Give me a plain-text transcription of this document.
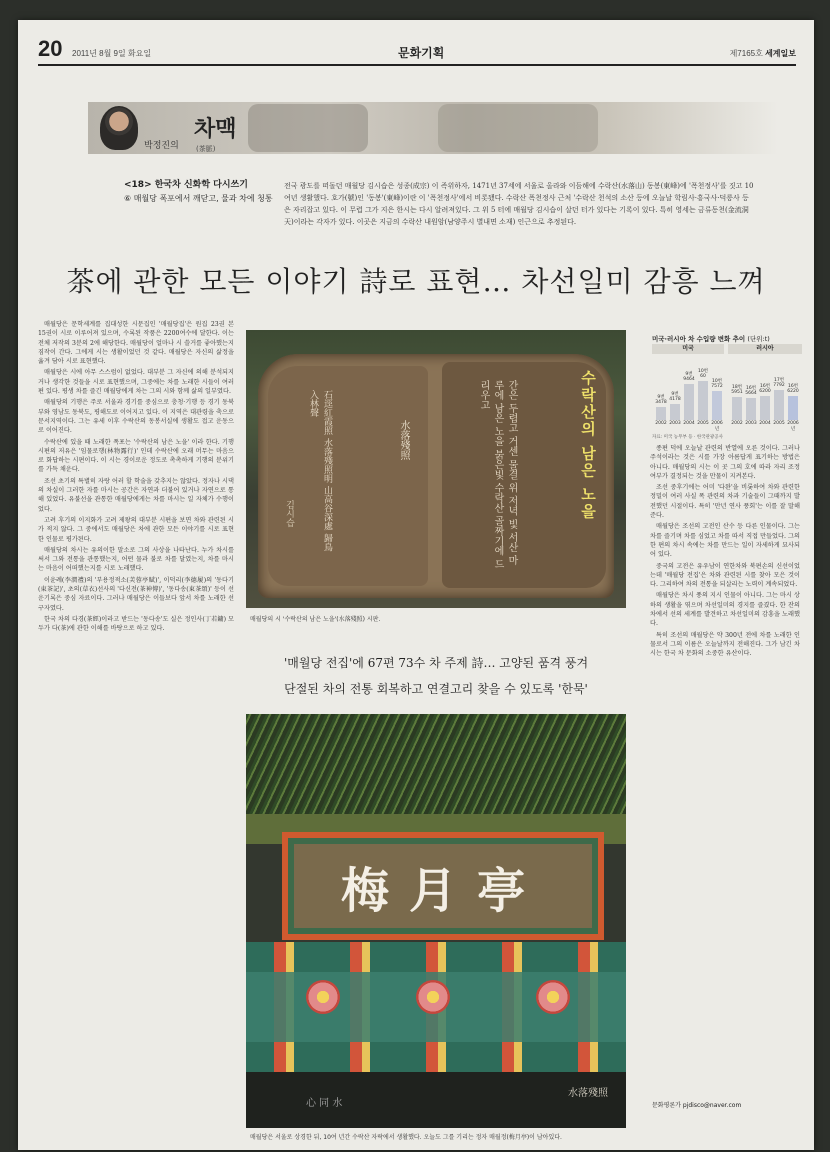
20 2011년 8월 9일 화요일	문화기획	제7165호 세계일보
박정진의
차맥
(茶脈)
<18> 한국차 신화학 다시쓰기
⑥ 매월당 폭포에서 깨닫고, 물과 차에 청통

전국 광도를 떠돌던 매월당 김시습은 성종(成宗) 이 즉위하자, 1471년 37세에 서울로 올라와 이듬해에 수락산(水落山) 동봉(東峰)에 '폭천정사'를 짓고 10여년 생활했다. 호가(號)인 '동봉'(東峰)이란 이 '폭천정사'에서 비롯됐다. 수락산 폭천정사 근처 '수락산 천석의 소산 등에 오늘날 학림사·흥국사·덕릉사 등은 자리잡고 있다. 이 무렵 그가 지은 한시는 다시 알려져있다. 그 위 5 터에 매월당 김시습이 살던 터가 있다는 기록이 있다. 특히 영세는 금류동천(金流洞天)이라는 각자가 있다. 이곳은 지금의 수락산 내원암(남양주시 별내면 소재) 인근으로 추정된다.

茶에 관한 모든 이야기 詩로 표현… 차선일미 감흥 느껴

매월당은 문학세계를 집대성한 시문집인 '매월당집'은 원집 23권 본 15권이 시로 이루어져 있으며, 수록된 작품은 2200여수에 달한다. 이는 전체 저작의 3분의 2에 해당한다. 매월당이 얼마나 시 쓸거를 좋아했는지 짐작이 간다. 그에게 시는 생활이었던 것 같다. 매월당은 자신의 삶정을 옮겨 담아 시로 표현했다.

매월당은 시에 아무 스스럼이 없었다. 대부분 그 자신에 의해 분석되지거나 생각한 것들을 시로 표현했으며, 그중에는 차를 노래한 시들이 여러 편 있다. 평생 차를 즐긴 매월당에게 차는 그의 시와 함께 삶의 일부였다.

매월당의 기행은 주로 서울과 경기를 중심으로 충청·기행 등 경기 동북부와 영남도 동북도, 평해도로 이어지고 있다. 이 지역은 대관령을 축으로 문서지역이다. 그는 유세 이후 수락산의 동봉서실에 생활도 접고 운동으로 이어진다.

수락산에 있을 때 노래한 폭포는 '수락산의 남은 노을' 이라 한다. 기행 시편의 저유은 '임물로행(林物露行)' 인데 수락산에 오래 머무는 마음으로 화답하는 시편이다. 이 시는 경이로운 정도로 촉촉하게 기행의 분위기를 가득 채운다.

조선 초기의 특별히 자랑 어러 할 학술을 갖추지는 않았다. 정자나 시댁의 차실이 그러한 자를 마시는 공간은 자연과 더불어 있거나 자연으로 통해 있었다. 유불선을 관통한 매월당에게는 차를 마시는 일 자체가 수행이었다.

고려 후기의 이지화가 고려 제왕의 대부분 시편을 보면 차와 관련된 시가 적지 않다. 그 중에서도 매월당은 차에 관한 모든 이야기를 시로 표현한 인물로 평가된다.

매월당의 차시는 유의이한 말소로 그의 사상을 나타난다. 누가 차시를 써서 그와 전통을 관통했는지, 어떤 물과 불로 차를 달였는지, 차를 마시는 마음이 어떠했는지를 시로 노래했다.

이윤례(李潤禮)의 '부용정적소(芙蓉亭賦)', 이덕리(李德履)의 '동다기(東茶記)', 초의(草衣)선사의 '다신전(茶神傳)', '동다송(東茶頌)' 등이 선운기록은 중심 자료이다. 그러나 매월당은 이들보다 앞서 차를 노래한 선구자였다.

한국 차의 다경(茶經)이라고 받드는 '동다송'도 실은 정인사(丁若鏞) 모두가 다(茶)에 관한 이해를 바탕으로 하고 있다.

수락산의 남은 노을
간은 두렵고 거센 물결 위 저녁 빛 서산 마루에 남은 노을 붉은빛 수락산 골짜기에 드리우고
石逕紅霞照 水落殘照明 山高谷深處 歸鳥入林聲
水落殘照
김시습
매월당의 시 '수락산의 남은 노을'(水落殘照) 시판.
'매월당 전집'에 67편 73수 차 주제 詩… 고양된 품격 풍겨
단절된 차의 전통 회복하고 연결고리 찾을 수 있도록 '한묵'
梅月亭
水落殘照
心 同 水
매월당은 서울로 상경한 뒤, 10여 년간 수락산 자락에서 생활했다. 오늘도 그를 기리는 정자 매월정(梅月亭)이 남아있다.
미국·러시아 차 수입량 변화 추이 (단위:t)
미국	러시아
9번
3478
2002
9번
4178
2003
9번
9464
2004
10번
60
2005
10번
7572
2006년
18번
5951
2002
16번
5664
2003
16번
6200
2004
17번
7792
2005
16번
6220
2006년
자료: 미국 농무부 등 · 한국관광공사

종편 덕에 오늘날 관련의 반열에 오른 것이다. 그러나 주석이라는 것은 시를 가장 아름답게 표기하는 방법은 아니다. 매월당의 시는 이 곳 그의 호에 따라 자리 조정 여부가 결정되는 것을 만물이 지켜본다.

조선 중후기에는 어미 '다완'을 비롯하여 차와 관련한 정밀이 여러 사실 폭 관련의 차과 기술들이 그때까지 발전했던 시절이다. 특히 '만년 연사 풍회'는 이를 잘 말해준다.

매월당은 조선의 고전인 산수 등 다른 인물이다. 그는 차를 즐기며 차를 심었고 차를 따서 직접 만들었다. 그의 한 편의 차시 속에는 차를 만드는 일이 자세하게 묘사되어 있다.

중국의 고전은 유우남이 연한차와 북편손의 신선이었는데 '매월당 전집'은 차와 관련된 시를 찾아 모은 것이다. 그리하여 차의 전통을 되살리는 노력이 계속되었다.

매월당은 차시 풍의 지시 인물이 아니다. 그는 마시 상하의 생활을 엮으며 차선일미의 경지를 즐겼다. 한 잔의 차에서 선의 세계를 발견하고 차선일미의 감흥을 노래했다.

특히 조선의 매월당은 약 300년 전에 차를 노래한 인물로서 그의 이름은 오늘날까지 전해진다. 그가 남긴 차시는 한국 차 문화의 소중한 유산이다.

문화평론가 pjdisco@naver.com
